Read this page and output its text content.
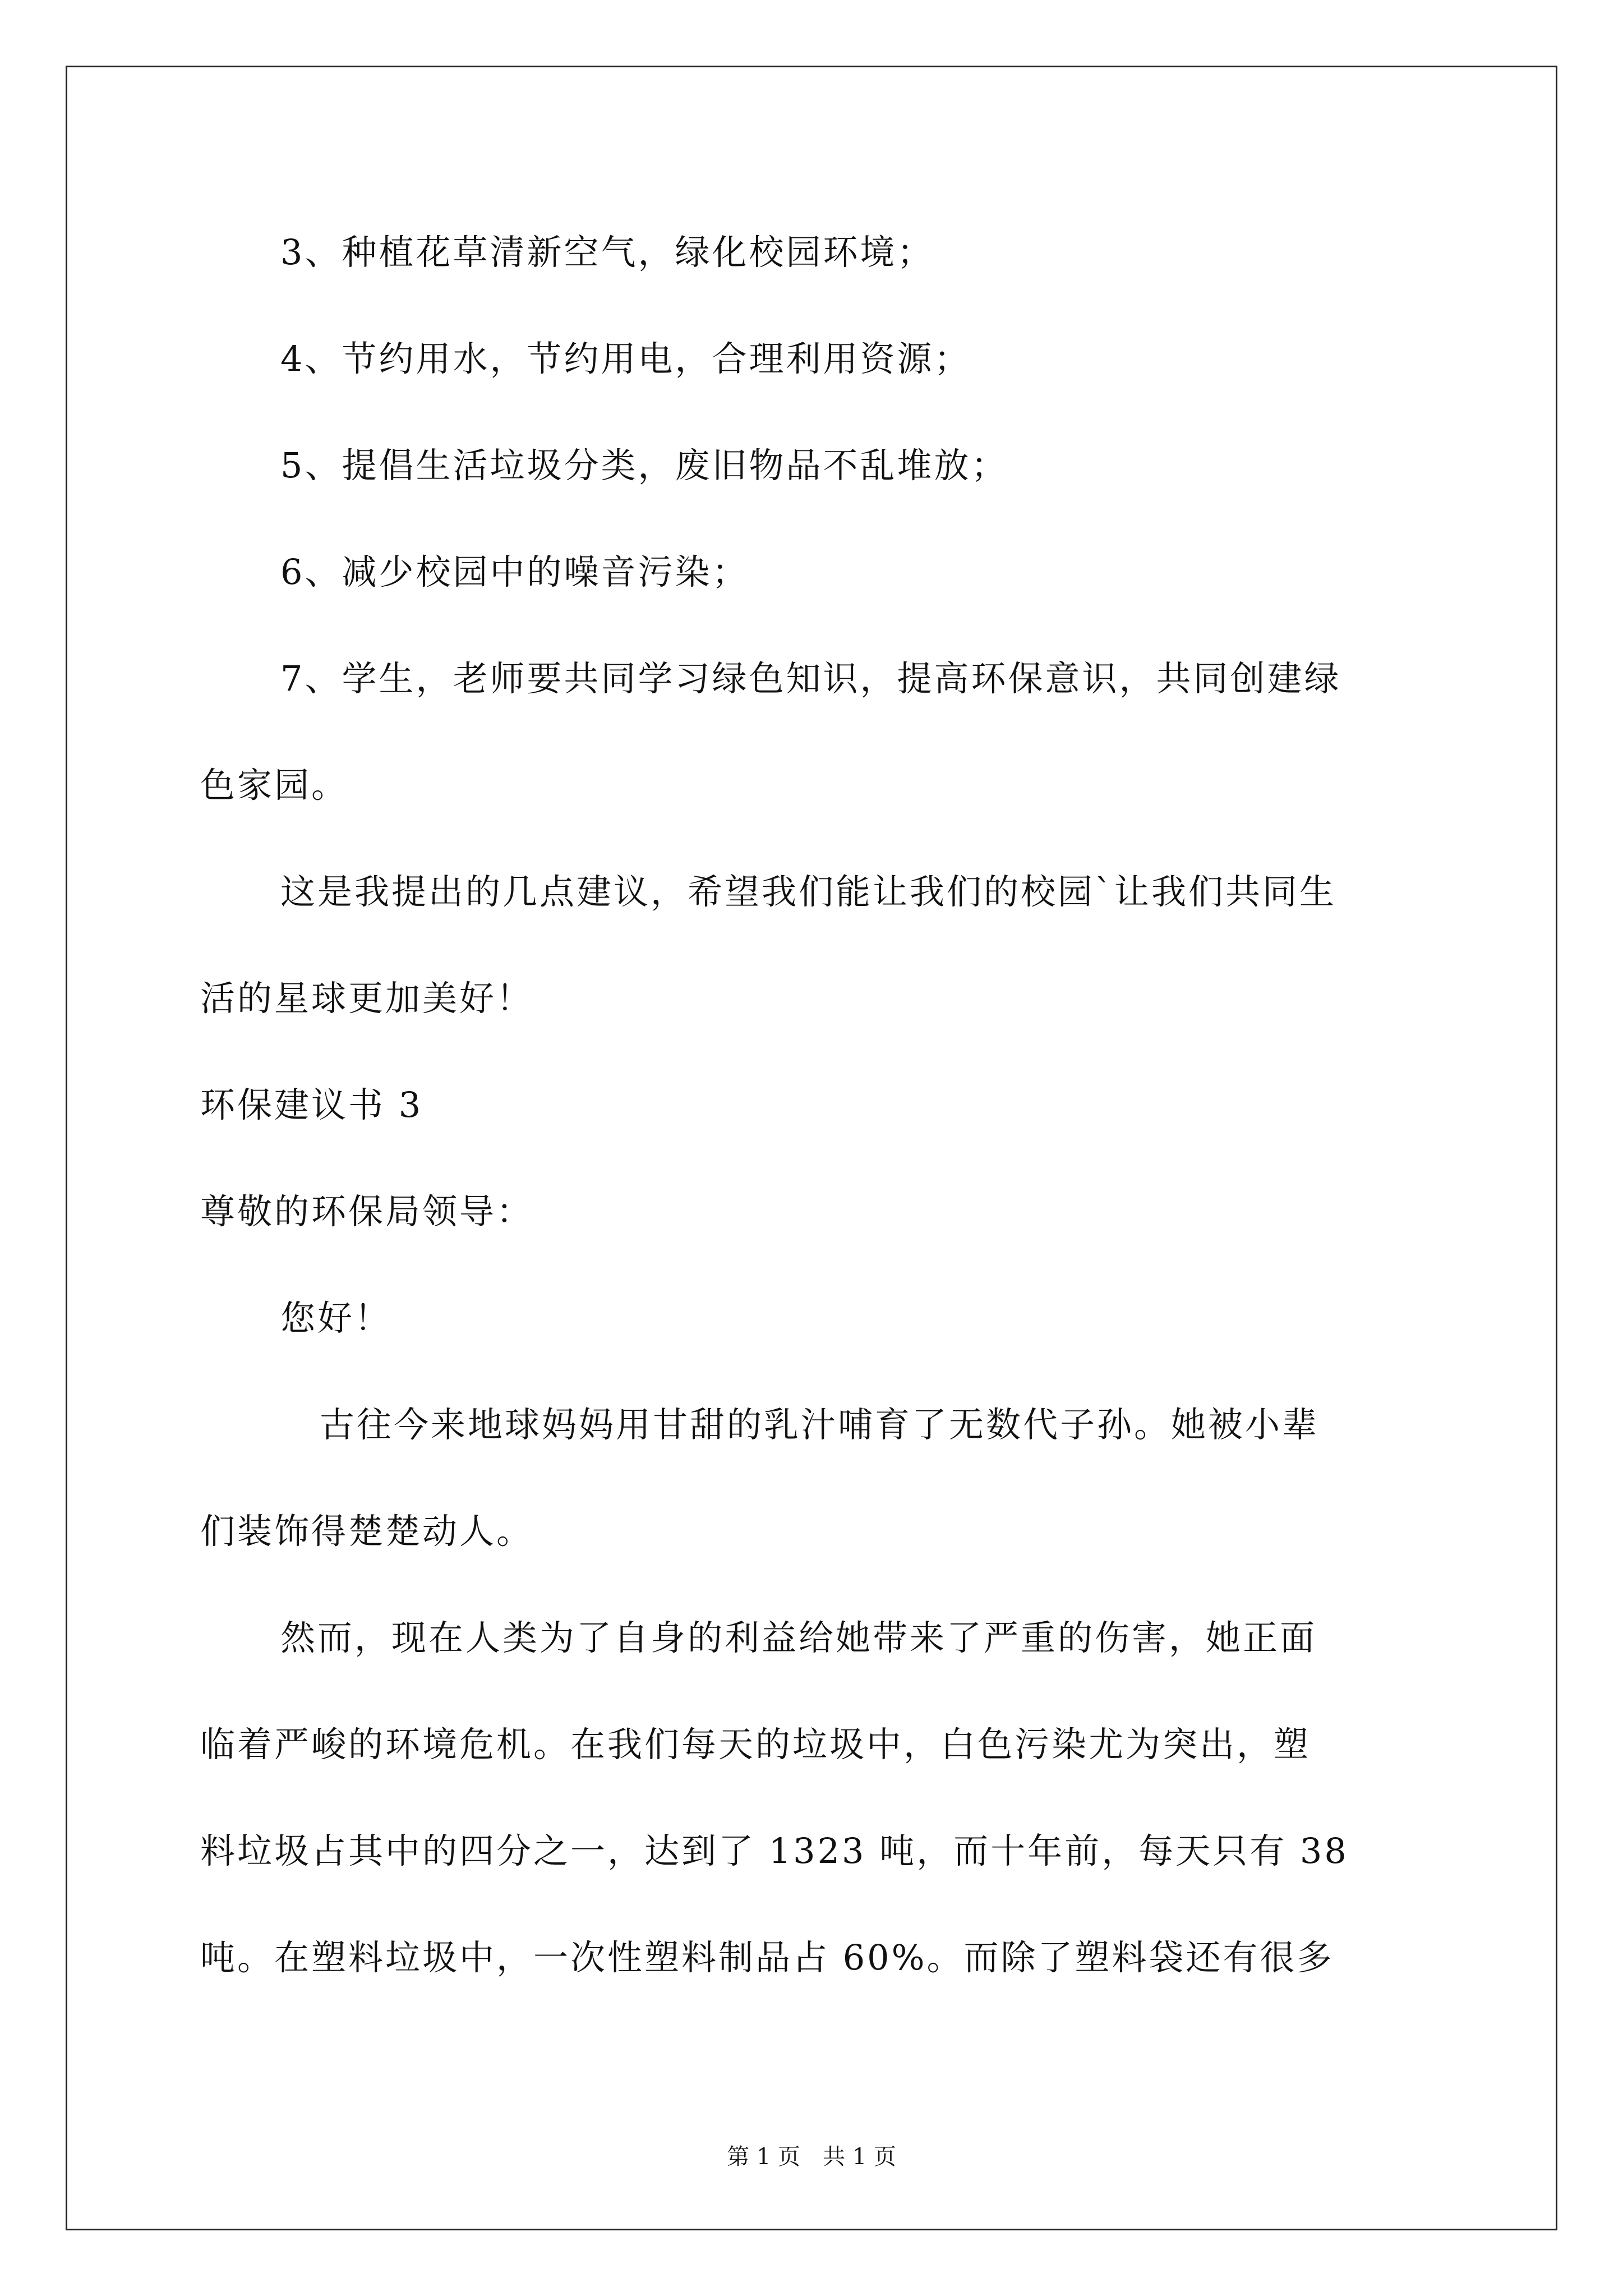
3、种植花草清新空气，绿化校园环境；
4、节约用水，节约用电，合理利用资源；
5、提倡生活垃圾分类，废旧物品不乱堆放；
6、减少校园中的噪音污染；
7、学生，老师要共同学习绿色知识，提高环保意识，共同创建绿
色家园。
这是我提出的几点建议，希望我们能让我们的校园`让我们共同生
活的星球更加美好！
环保建议书 3
尊敬的环保局领导：
您好！
古往今来地球妈妈用甘甜的乳汁哺育了无数代子孙。她被小辈
们装饰得楚楚动人。
然而，现在人类为了自身的利益给她带来了严重的伤害，她正面
临着严峻的环境危机。在我们每天的垃圾中，白色污染尤为突出，塑
料垃圾占其中的四分之一，达到了 1323 吨，而十年前，每天只有 38
吨。在塑料垃圾中，一次性塑料制品占 60%。而除了塑料袋还有很多
第 1 页　共 1 页
